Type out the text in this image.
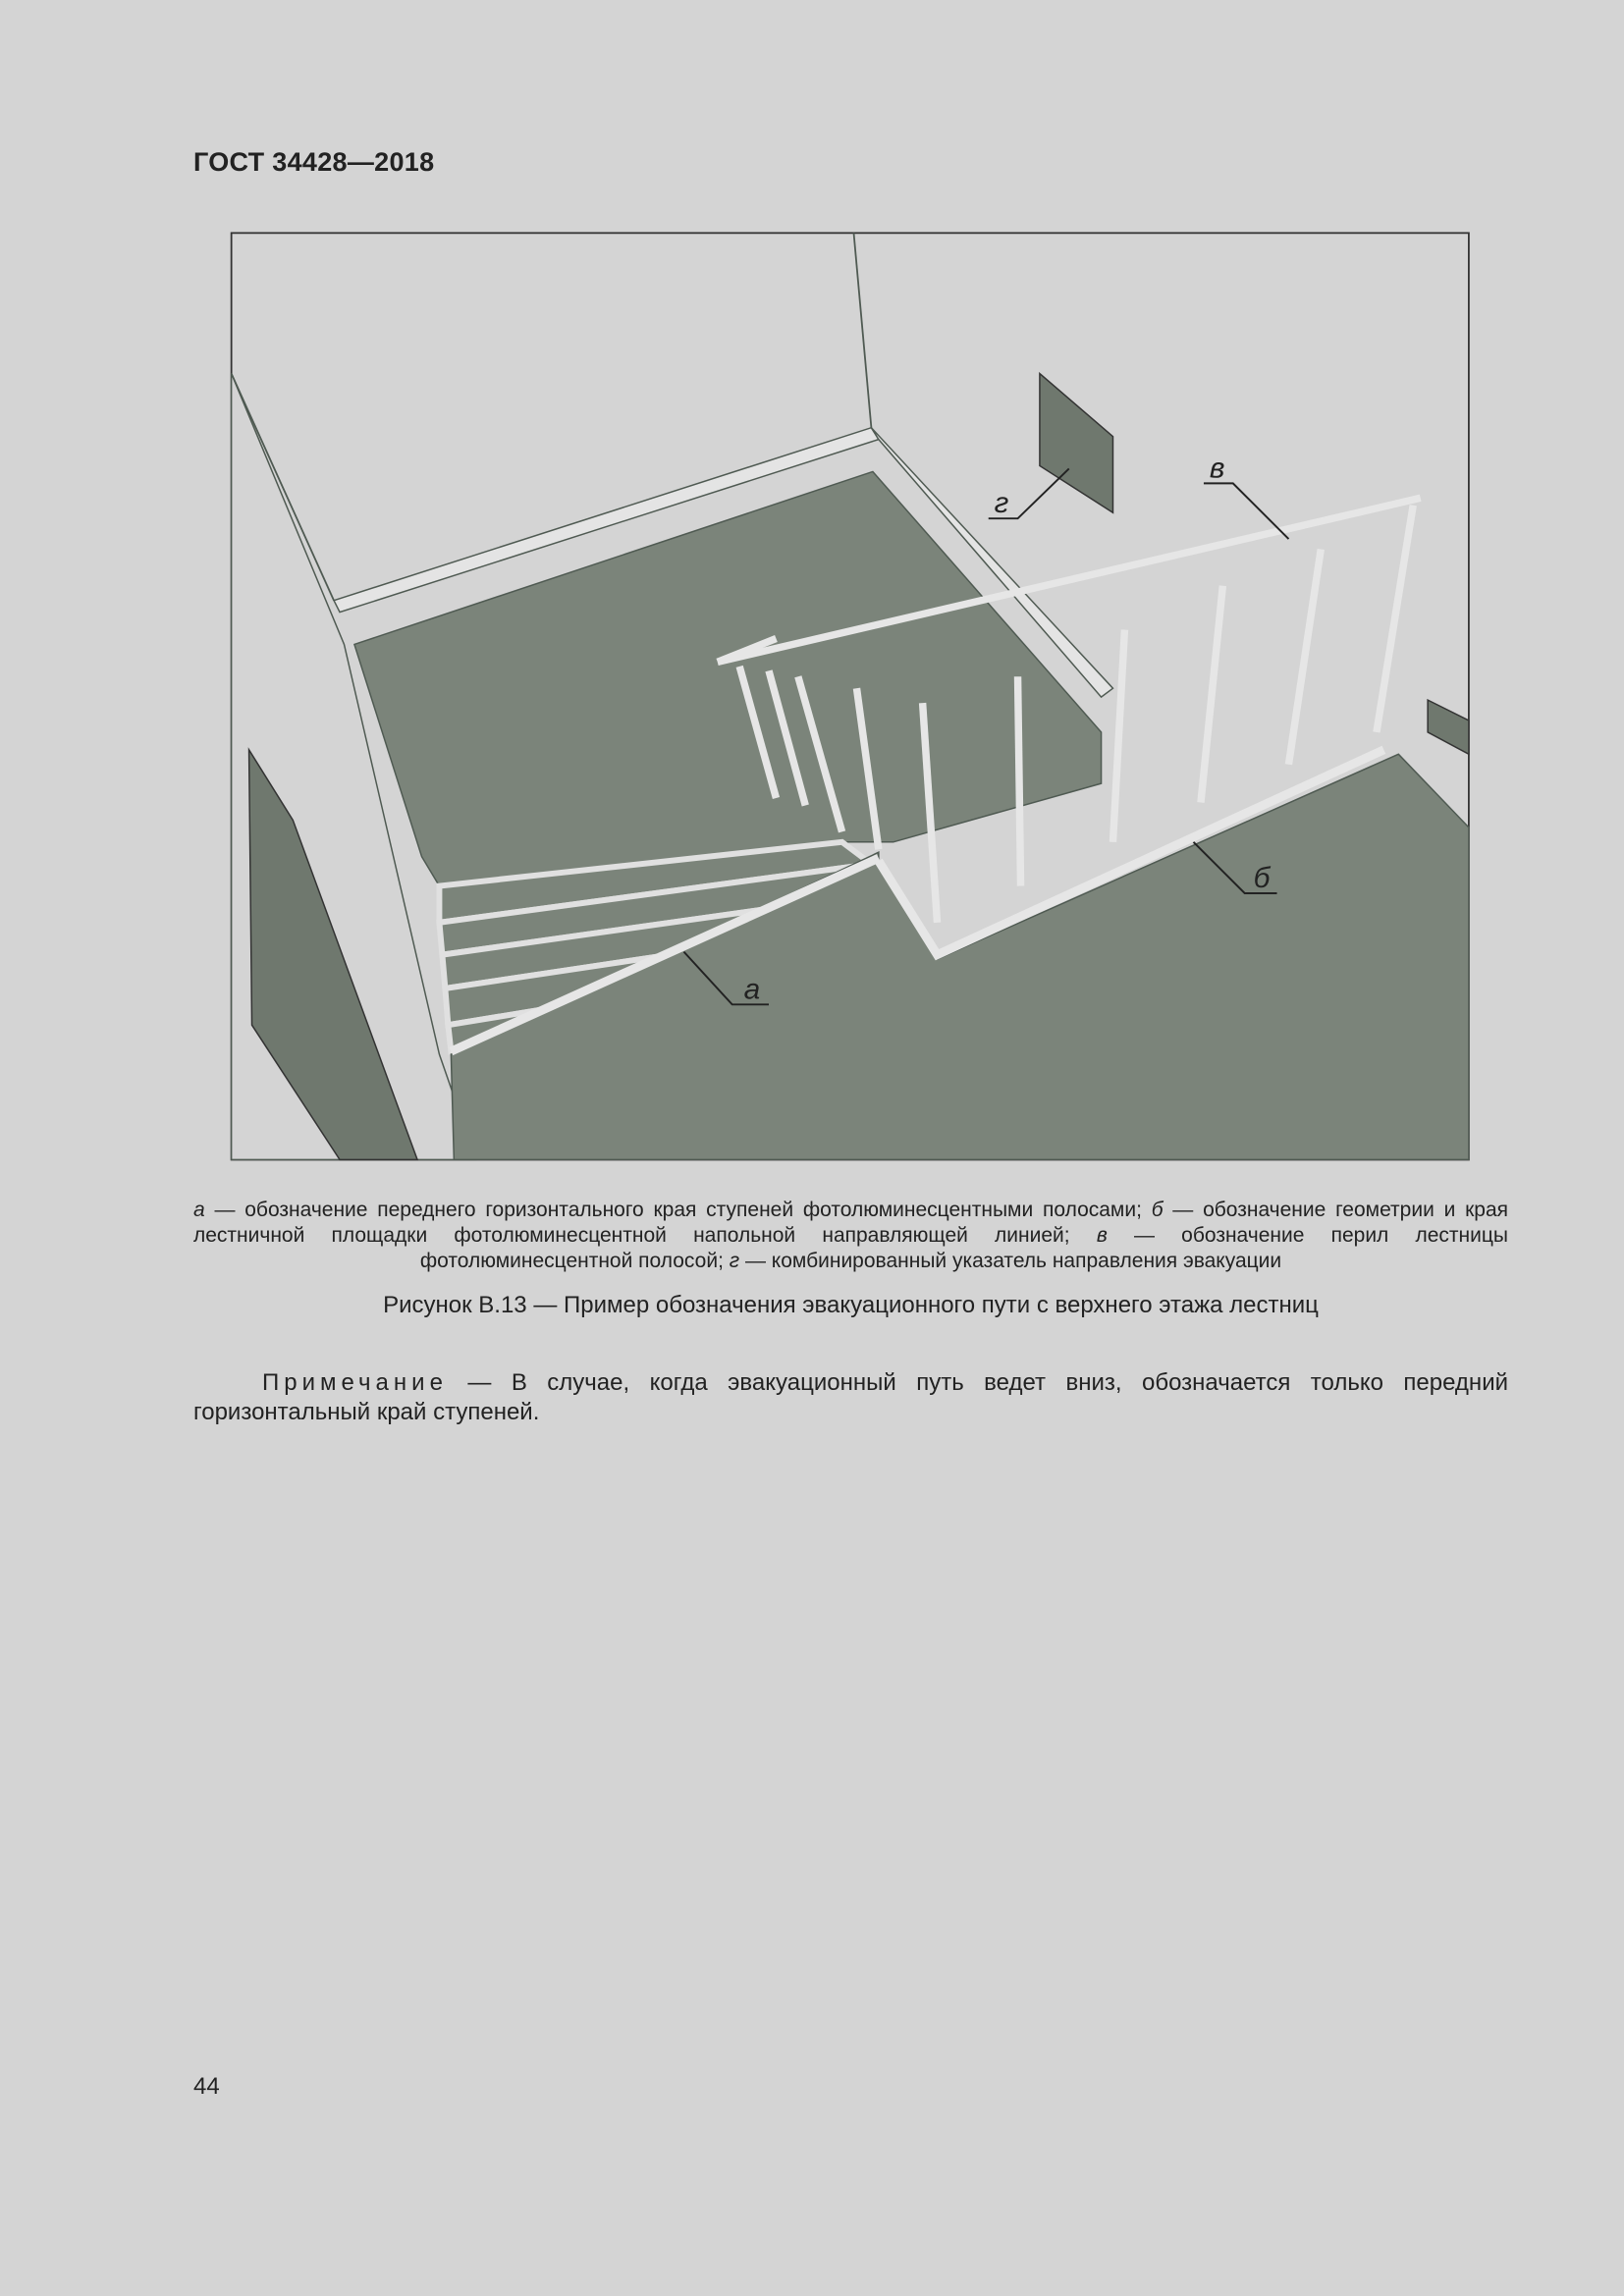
ГОСТ 34428—2018
а
б
в
г
а — обозначение переднего горизонтального края ступеней фотолюминесцентными полосами; б — обозначение геометрии и края лестничной площадки фотолюминесцентной напольной направляющей линией; в — обозначение перил лестницы фотолюминесцентной полосой; г — комбинированный указатель направления эвакуации
Рисунок В.13 — Пример обозначения эвакуационного пути с верхнего этажа лестниц
Примечание — В случае, когда эвакуационный путь ведет вниз, обозначается только передний горизонтальный край ступеней.
44
